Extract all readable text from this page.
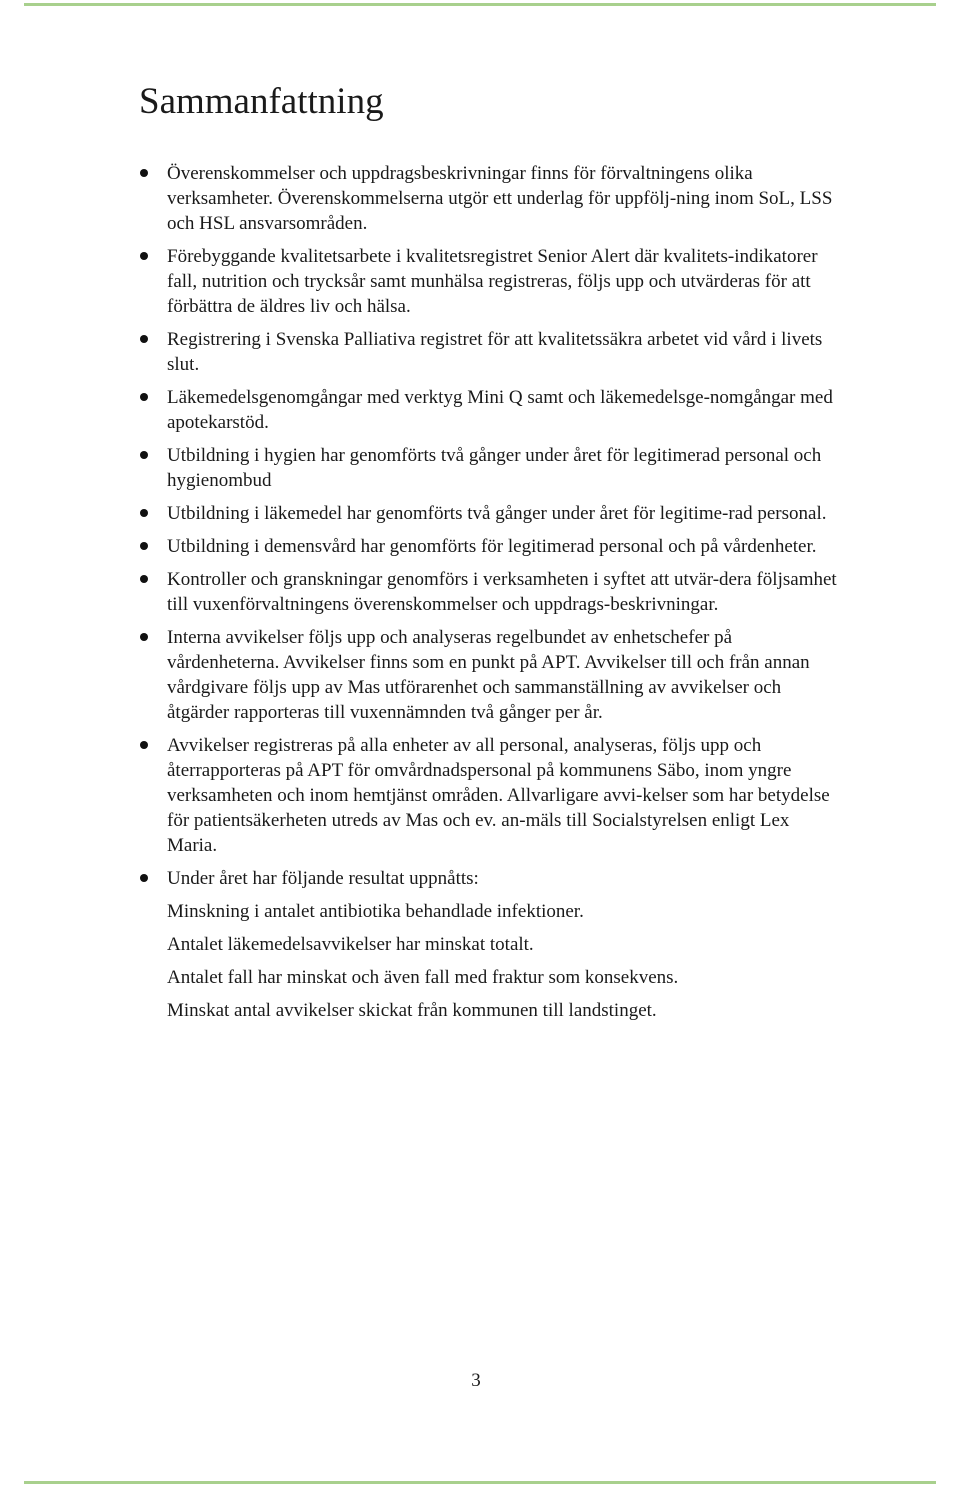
Sammanfattning
Överenskommelser och uppdragsbeskrivningar finns för förvaltningens olika verksamheter. Överenskommelserna utgör ett underlag för uppfölj-ning inom SoL, LSS och HSL ansvarsområden.
Förebyggande kvalitetsarbete i kvalitetsregistret Senior Alert där kvalitets-indikatorer fall, nutrition och trycksår samt munhälsa registreras, följs upp och utvärderas för att förbättra de äldres liv och hälsa.
Registrering i Svenska Palliativa registret för att kvalitetssäkra arbetet vid vård i livets slut.
Läkemedelsgenomgångar med verktyg Mini Q samt och läkemedelsge-nomgångar med apotekarstöd.
Utbildning i hygien har genomförts två gånger under året för legitimerad personal och hygienombud
Utbildning i läkemedel har genomförts två gånger under året för legitime-rad personal.
Utbildning i demensvård har genomförts för legitimerad personal och på vårdenheter.
Kontroller och granskningar genomförs i verksamheten i syftet att utvär-dera följsamhet till vuxenförvaltningens överenskommelser och uppdrags-beskrivningar.
Interna avvikelser följs upp och analyseras regelbundet av enhetschefer på vårdenheterna. Avvikelser finns som en punkt på APT. Avvikelser till och från annan vårdgivare följs upp av Mas utförarenhet och sammanställning av avvikelser och åtgärder rapporteras till vuxennämnden två gånger per år.
Avvikelser registreras på alla enheter av all personal, analyseras, följs upp och återrapporteras på APT för omvårdnadspersonal på kommunens Säbo, inom yngre verksamheten och inom hemtjänst områden. Allvarligare avvi-kelser som har betydelse för patientsäkerheten utreds av Mas och ev. an-mäls till Socialstyrelsen enligt Lex Maria.
Under året har följande resultat uppnåtts:
Minskning i antalet antibiotika behandlade infektioner.
Antalet läkemedelsavvikelser har minskat totalt.
Antalet fall har minskat och även fall med fraktur som konsekvens.
Minskat antal avvikelser skickat från kommunen till landstinget.
3
